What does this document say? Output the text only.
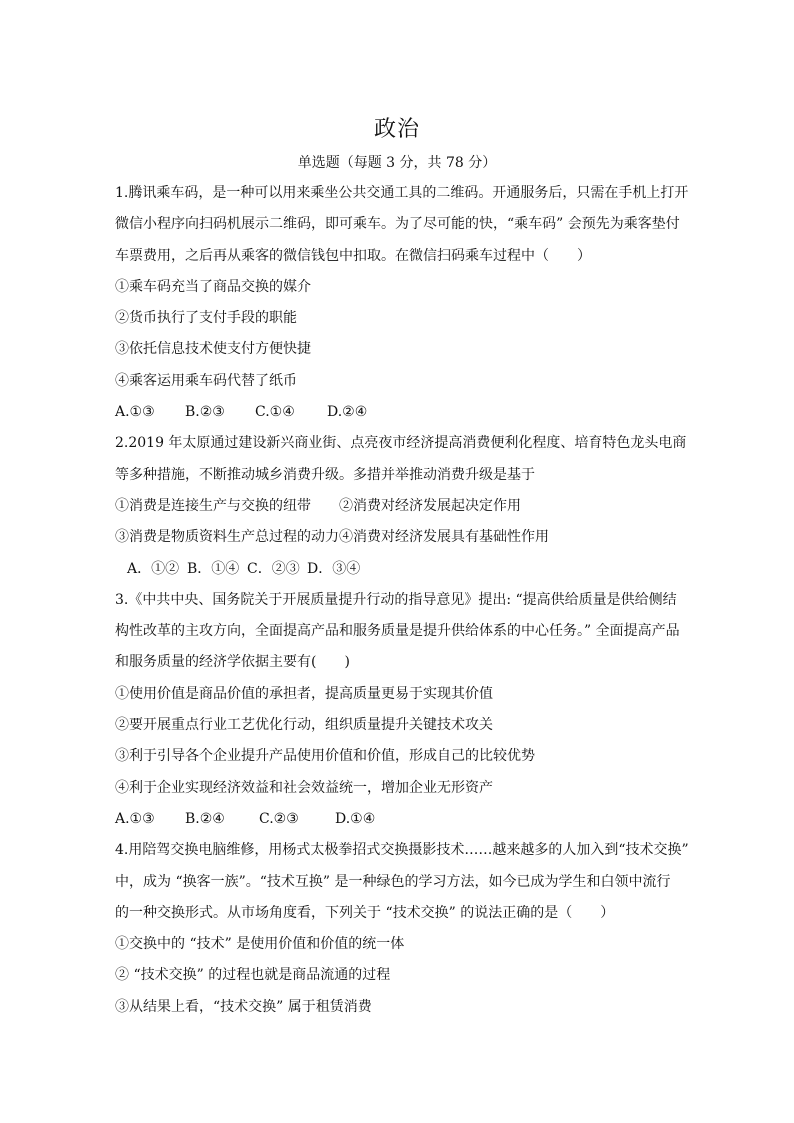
政治
单选题（每题 3 分，共 78 分）
1.腾讯乘车码，是一种可以用来乘坐公共交通工具的二维码。开通服务后，只需在手机上打开
微信小程序向扫码机展示二维码，即可乘车。为了尽可能的快，“乘车码” 会预先为乘客垫付
车票费用，之后再从乘客的微信钱包中扣取。在微信扫码乘车过程中（　　）
①乘车码充当了商品交换的媒介
②货币执行了支付手段的职能
③依托信息技术使支付方便快捷
④乘客运用乘车码代替了纸币
A.①③	B.②③	C.①④	D.②④
2.2019 年太原通过建设新兴商业街、点亮夜市经济提高消费便利化程度、培育特色龙头电商
等多种措施，不断推动城乡消费升级。多措并举推动消费升级是基于
①消费是连接生产与交换的纽带　　②消费对经济发展起决定作用
③消费是物质资料生产总过程的动力④消费对经济发展具有基础性作用
A．①② B．①④ C．②③ D．③④
3.《中共中央、国务院关于开展质量提升行动的指导意见》提出: “提高供给质量是供给侧结
构性改革的主攻方向，全面提高产品和服务质量是提升供给体系的中心任务。” 全面提高产品
和服务质量的经济学依据主要有(　　)
①使用价值是商品价值的承担者，提高质量更易于实现其价值
②要开展重点行业工艺优化行动，组织质量提升关键技术攻关
③利于引导各个企业提升产品使用价值和价值，形成自己的比较优势
④利于企业实现经济效益和社会效益统一，增加企业无形资产
A.①③	B.②④	C.②③	D.①④
4.用陪驾交换电脑维修，用杨式太极拳招式交换摄影技术……越来越多的人加入到“技术交换”
中，成为 “换客一族”。“技术互换” 是一种绿色的学习方法，如今已成为学生和白领中流行
的一种交换形式。从市场角度看，下列关于 “技术交换” 的说法正确的是（　　）
①交换中的 “技术” 是使用价值和价值的统一体
② “技术交换” 的过程也就是商品流通的过程
③从结果上看，“技术交换” 属于租赁消费
